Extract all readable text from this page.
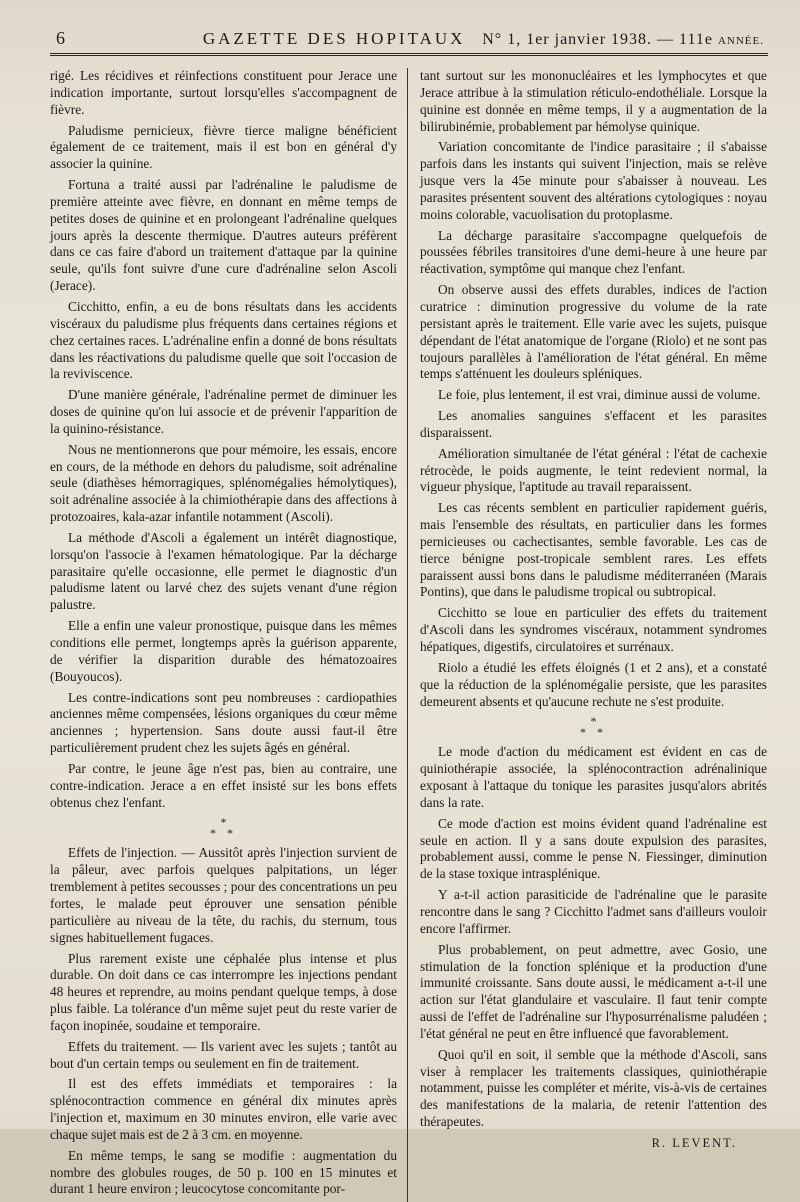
6	GAZETTE DES HOPITAUX	N° 1, 1er janvier 1938. — 111e ANNÉE.

rigé. Les récidives et réinfections constituent pour Jerace une indication importante, surtout lorsqu'elles s'accompagnent de fièvre.

Paludisme pernicieux, fièvre tierce maligne bénéficient également de ce traitement, mais il est bon en général d'y associer la quinine.

Fortuna a traité aussi par l'adrénaline le paludisme de première atteinte avec fièvre, en donnant en même temps de petites doses de quinine et en prolongeant l'adrénaline quelques jours après la descente thermique. D'autres auteurs préfèrent dans ce cas faire d'abord un traitement d'attaque par la quinine seule, qu'ils font suivre d'une cure d'adrénaline selon Ascoli (Jerace).

Cicchitto, enfin, a eu de bons résultats dans les accidents viscéraux du paludisme plus fréquents dans certaines régions et chez certaines races. L'adrénaline enfin a donné de bons résultats dans les réactivations du paludisme quelle que soit l'occasion de la reviviscence.

D'une manière générale, l'adrénaline permet de diminuer les doses de quinine qu'on lui associe et de prévenir l'apparition de la quinino-résistance.

Nous ne mentionnerons que pour mémoire, les essais, encore en cours, de la méthode en dehors du paludisme, soit adrénaline seule (diathèses hémorragiques, splénomégalies hémolytiques), soit adrénaline associée à la chimiothérapie dans des affections à protozoaires, kala-azar infantile notamment (Ascoli).

La méthode d'Ascoli a également un intérêt diagnostique, lorsqu'on l'associe à l'examen hématologique. Par la décharge parasitaire qu'elle occasionne, elle permet le diagnostic d'un paludisme latent ou larvé chez des sujets venant d'une région palustre.

Elle a enfin une valeur pronostique, puisque dans les mêmes conditions elle permet, longtemps après la guérison apparente, de vérifier la disparition durable des hématozoaires (Bouyoucos).

Les contre-indications sont peu nombreuses : cardiopathies anciennes même compensées, lésions organiques du cœur même anciennes ; hypertension. Sans doute aussi faut-il être particulièrement prudent chez les sujets âgés en général.

Par contre, le jeune âge n'est pas, bien au contraire, une contre-indication. Jerace a en effet insisté sur les bons effets obtenus chez l'enfant.

*
* *

Effets de l'injection. — Aussitôt après l'injection survient de la pâleur, avec parfois quelques palpitations, un léger tremblement à petites secousses ; pour des concentrations un peu fortes, le malade peut éprouver une sensation pénible particulière au niveau de la tête, du rachis, du sternum, tous signes habituellement fugaces.

Plus rarement existe une céphalée plus intense et plus durable. On doit dans ce cas interrompre les injections pendant 48 heures et reprendre, au moins pendant quelque temps, à dose plus faible. La tolérance d'un même sujet peut du reste varier de façon inopinée, soudaine et temporaire.

Effets du traitement. — Ils varient avec les sujets ; tantôt au bout d'un certain temps ou seulement en fin de traitement.

Il est des effets immédiats et temporaires : la splénocontraction commence en général dix minutes après l'injection et, maximum en 30 minutes environ, elle varie avec chaque sujet mais est de 2 à 3 cm. en moyenne.

En même temps, le sang se modifie : augmentation du nombre des globules rouges, de 50 p. 100 en 15 minutes et durant 1 heure environ ; leucocytose concomitante por-

tant surtout sur les mononucléaires et les lymphocytes et que Jerace attribue à la stimulation réticulo-endothéliale. Lorsque la quinine est donnée en même temps, il y a augmentation de la bilirubinémie, probablement par hémolyse quinique.

Variation concomitante de l'indice parasitaire ; il s'abaisse parfois dans les instants qui suivent l'injection, mais se relève jusque vers la 45e minute pour s'abaisser à nouveau. Les parasites présentent souvent des altérations cytologiques : noyau moins colorable, vacuolisation du protoplasme.

La décharge parasitaire s'accompagne quelquefois de poussées fébriles transitoires d'une demi-heure à une heure par réactivation, symptôme qui manque chez l'enfant.

On observe aussi des effets durables, indices de l'action curatrice : diminution progressive du volume de la rate persistant après le traitement. Elle varie avec les sujets, puisque dépendant de l'état anatomique de l'organe (Riolo) et ne sont pas toujours parallèles à l'amélioration de l'état général. En même temps s'atténuent les douleurs spléniques.

Le foie, plus lentement, il est vrai, diminue aussi de volume.

Les anomalies sanguines s'effacent et les parasites disparaissent.

Amélioration simultanée de l'état général : l'état de cachexie rétrocède, le poids augmente, le teint redevient normal, la vigueur physique, l'aptitude au travail reparaissent.

Les cas récents semblent en particulier rapidement guéris, mais l'ensemble des résultats, en particulier dans les formes pernicieuses ou cachectisantes, semble favorable. Les cas de tierce bénigne post-tropicale semblent rares. Les effets paraissent aussi bons dans le paludisme méditerranéen (Marais Pontins), que dans le paludisme tropical ou subtropical.

Cicchitto se loue en particulier des effets du traitement d'Ascoli dans les syndromes viscéraux, notamment syndromes hépatiques, digestifs, circulatoires et surrénaux.

Riolo a étudié les effets éloignés (1 et 2 ans), et a constaté que la réduction de la splénomégalie persiste, que les parasites demeurent absents et qu'aucune rechute ne s'est produite.

*
* *

Le mode d'action du médicament est évident en cas de quiniothérapie associée, la splénocontraction adrénalinique exposant à l'attaque du tonique les parasites jusqu'alors abrités dans la rate.

Ce mode d'action est moins évident quand l'adrénaline est seule en action. Il y a sans doute expulsion des parasites, probablement aussi, comme le pense N. Fiessinger, diminution de la stase toxique intrasplénique.

Y a-t-il action parasiticide de l'adrénaline que le parasite rencontre dans le sang ? Cicchitto l'admet sans d'ailleurs vouloir encore l'affirmer.

Plus probablement, on peut admettre, avec Gosio, une stimulation de la fonction splénique et la production d'une immunité croissante. Sans doute aussi, le médicament a-t-il une action sur l'état glandulaire et vasculaire. Il faut tenir compte aussi de l'effet de l'adrénaline sur l'hyposurrénalisme paludéen ; l'état général ne peut en être influencé que favorablement.

Quoi qu'il en soit, il semble que la méthode d'Ascoli, sans viser à remplacer les traitements classiques, quiniothérapie notamment, puisse les compléter et mérite, vis-à-vis de certaines des manifestations de la malaria, de retenir l'attention des thérapeutes.

R. LEVENT.
